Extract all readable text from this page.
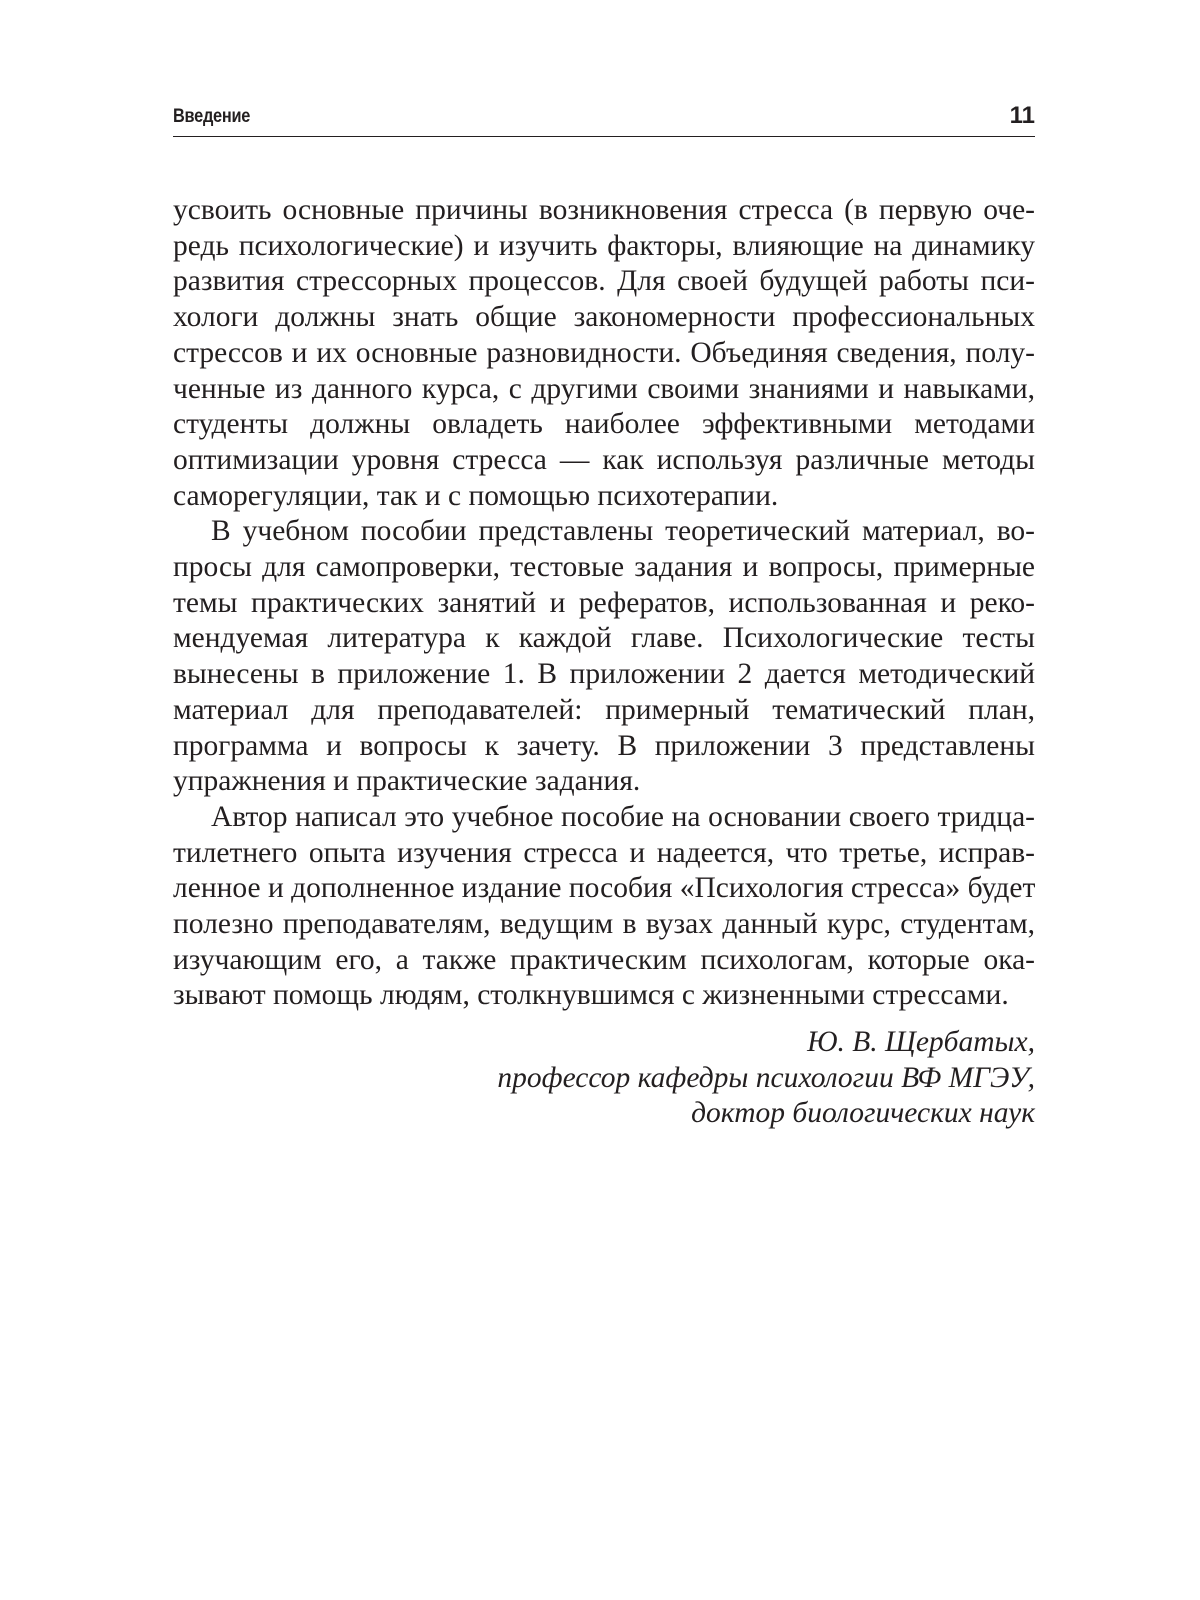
Введение	11

усвоить основные причины возникновения стресса (в первую оче-
редь психологические) и изучить факторы, влияющие на динамику
развития стрессорных процессов. Для своей будущей работы пси-
хологи должны знать общие закономерности профессиональных
стрессов и их основные разновидности. Объединяя сведения, полу-
ченные из данного курса, с другими своими знаниями и навыками,
студенты должны овладеть наиболее эффективными методами
оптимизации уровня стресса — как используя различные методы
саморегуляции, так и с помощью психотерапии.

В учебном пособии представлены теоретический материал, во-
просы для самопроверки, тестовые задания и вопросы, примерные
темы практических занятий и рефератов, использованная и реко-
мендуемая литература к каждой главе. Психологические тесты
вынесены в приложение 1. В приложении 2 дается методический
материал для преподавателей: примерный тематический план,
программа и вопросы к зачету. В приложении 3 представлены
упражнения и практические задания.

Автор написал это учебное пособие на основании своего тридца-
тилетнего опыта изучения стресса и надеется, что третье, исправ-
ленное и дополненное издание пособия «Психология стресса» будет
полезно преподавателям, ведущим в вузах данный курс, студентам,
изучающим его, а также практическим психологам, которые ока-
зывают помощь людям, столкнувшимся с жизненными стрессами.

Ю. В. Щербатых,
профессор кафедры психологии ВФ МГЭУ,
доктор биологических наук
